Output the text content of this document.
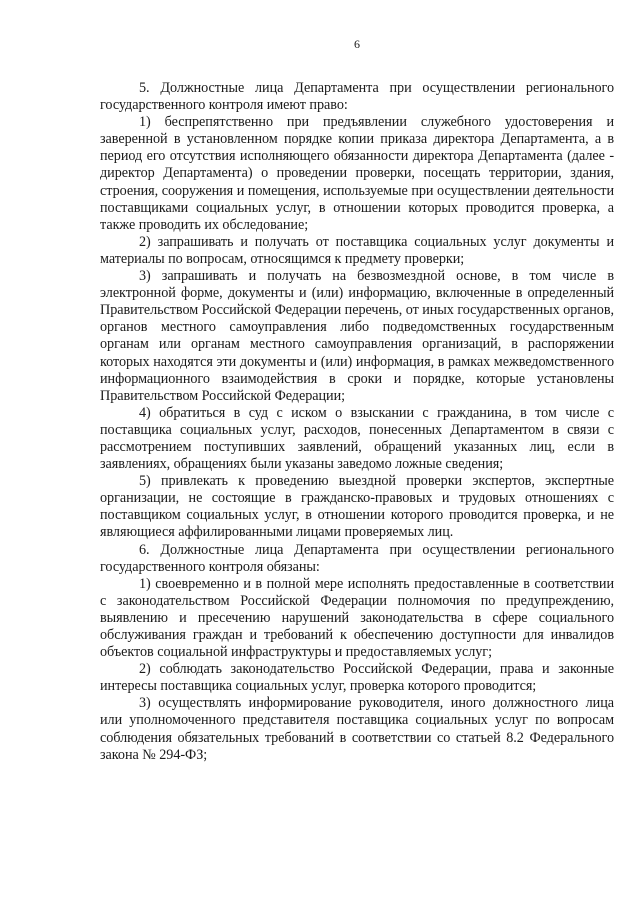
6

5. Должностные лица Департамента при осуществлении регионального государственного контроля имеют право:

1) беспрепятственно при предъявлении служебного удостоверения и заверенной в установленном порядке копии приказа директора Департамента, а в период его отсутствия исполняющего обязанности директора Департамента (далее - директор Департамента) о проведении проверки, посещать территории, здания, строения, сооружения и помещения, используемые при осуществлении деятельности поставщиками социальных услуг, в отношении которых проводится проверка, а также проводить их обследование;

2) запрашивать и получать от поставщика социальных услуг документы и материалы по вопросам, относящимся к предмету проверки;

3) запрашивать и получать на безвозмездной основе, в том числе в электронной форме, документы и (или) информацию, включенные в определенный Правительством Российской Федерации перечень, от иных государственных органов, органов местного самоуправления либо подведомственных государственным органам или органам местного самоуправления организаций, в распоряжении которых находятся эти документы и (или) информация, в рамках межведомственного информационного взаимодействия в сроки и порядке, которые установлены Правительством Российской Федерации;

4) обратиться в суд с иском о взыскании с гражданина, в том числе с поставщика социальных услуг, расходов, понесенных Департаментом в связи с рассмотрением поступивших заявлений, обращений указанных лиц, если в заявлениях, обращениях были указаны заведомо ложные сведения;

5) привлекать к проведению выездной проверки экспертов, экспертные организации, не состоящие в гражданско-правовых и трудовых отношениях с поставщиком социальных услуг, в отношении которого проводится проверка, и не являющиеся аффилированными лицами проверяемых лиц.

6. Должностные лица Департамента при осуществлении регионального государственного контроля обязаны:

1) своевременно и в полной мере исполнять предоставленные в соответствии с законодательством Российской Федерации полномочия по предупреждению, выявлению и пресечению нарушений законодательства в сфере социального обслуживания граждан и требований к обеспечению доступности для инвалидов объектов социальной инфраструктуры и предоставляемых услуг;

2) соблюдать законодательство Российской Федерации, права и законные интересы поставщика социальных услуг, проверка которого проводится;

3) осуществлять информирование руководителя, иного должностного лица или уполномоченного представителя поставщика социальных услуг по вопросам соблюдения обязательных требований в соответствии со статьей 8.2 Федерального закона № 294-ФЗ;
